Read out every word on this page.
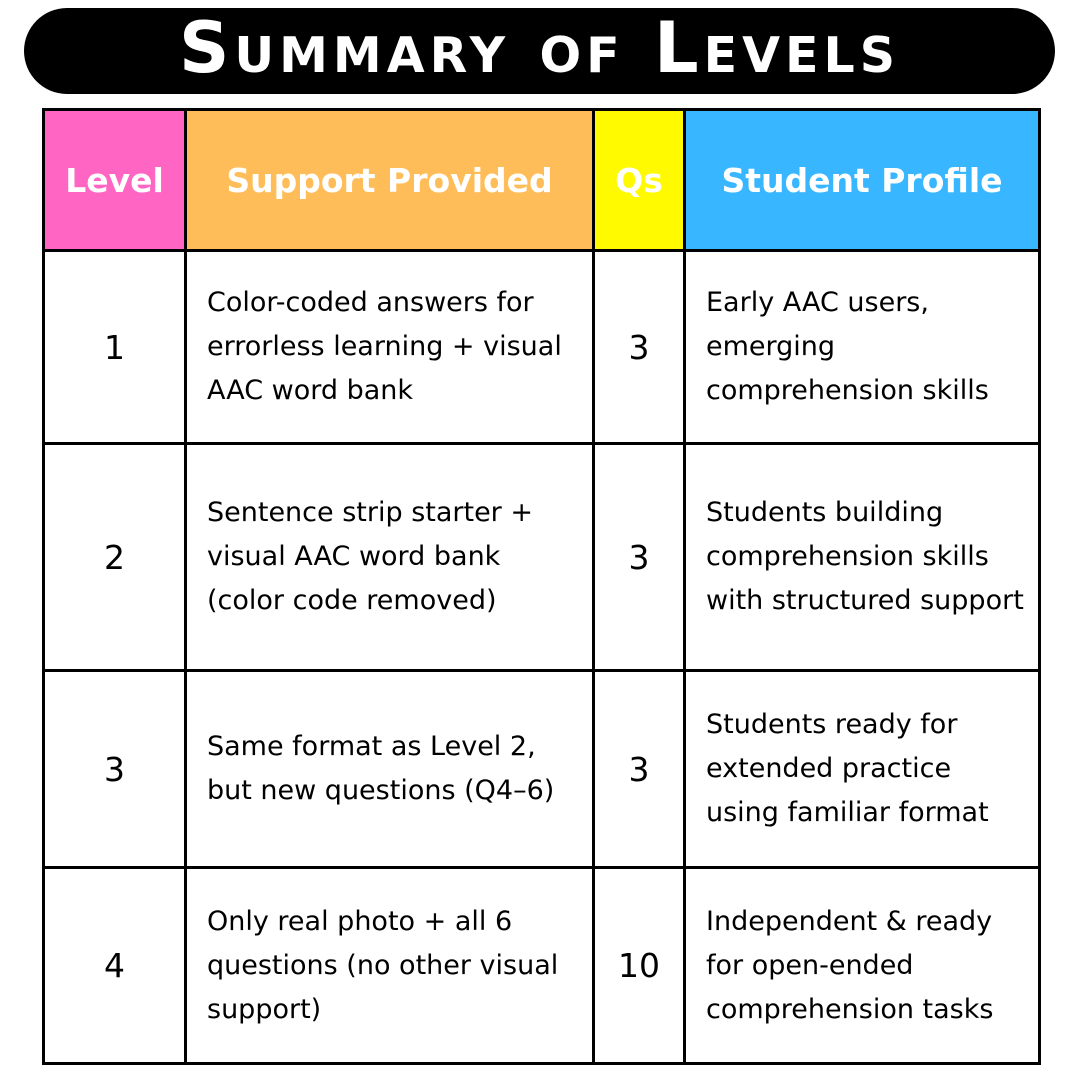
Summary of Levels
Level	Support Provided	Qs	Student Profile
1	Color-coded answers for errorless learning + visual AAC word bank	3	Early AAC users, emerging comprehension skills
2	Sentence strip starter + visual AAC word bank (color code removed)	3	Students building comprehension skills with structured support
3	Same format as Level 2, but new questions (Q4–6)	3	Students ready for extended practice using familiar format
4	Only real photo + all 6 questions (no other visual support)	10	Independent & ready for open-ended comprehension tasks
